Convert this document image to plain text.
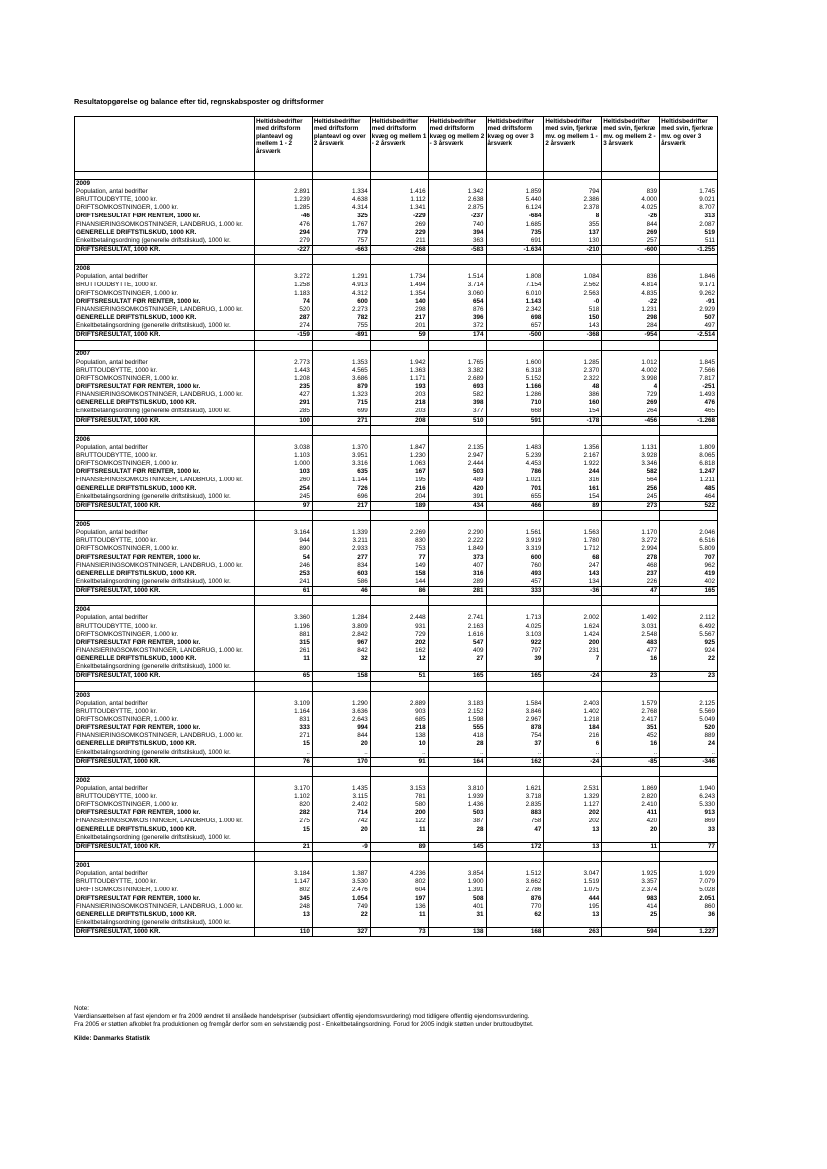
Resultatopgørelse og balance efter tid, regnskabsposter og driftsformer
	Heltidsbedrifter med driftsform planteavl og mellem 1 - 2 årsværk	Heltidsbedrifter med driftsform planteavl og over 2 årsværk	Heltidsbedrifter med driftsform kvæg og mellem 1 - 2 årsværk	Heltidsbedrifter med driftsform kvæg og mellem 2 - 3 årsværk	Heltidsbedrifter med driftsform kvæg og over 3 årsværk	Heltidsbedrifter med svin, fjerkræ mv. og mellem 1 - 2 årsværk	Heltidsbedrifter med svin, fjerkræ mv. og mellem 2 - 3 årsværk	Heltidsbedrifter med svin, fjerkræ mv. og over 3 årsværk

2009								
Population, antal bedrifter	2.891	1.334	1.416	1.342	1.859	794	839	1.745
BRUTTOUDBYTTE, 1000 kr.	1.239	4.638	1.112	2.638	5.440	2.386	4.000	9.021
DRIFTSOMKOSTNINGER, 1.000 kr.	1.285	4.314	1.341	2.875	6.124	2.378	4.025	8.707
DRIFTSRESULTAT FØR RENTER, 1000 kr.	-46	325	-229	-237	-684	8	-26	313
FINANSIERINGSOMKOSTNINGER, LANDBRUG, 1.000 kr.	476	1.767	269	740	1.685	355	844	2.087
GENERELLE DRIFTSTILSKUD, 1000 KR.	294	779	229	394	735	137	269	519
Enkeltbetalingsordning (generelle driftstilskud), 1000 kr.	279	757	211	363	691	130	257	511
DRIFTSRESULTAT, 1000 KR.	-227	-663	-268	-583	-1.634	-210	-600	-1.255

2008								
Population, antal bedrifter	3.272	1.291	1.734	1.514	1.808	1.084	836	1.846
BRUTTOUDBYTTE, 1000 kr.	1.258	4.913	1.494	3.714	7.154	2.562	4.814	9.171
DRIFTSOMKOSTNINGER, 1.000 kr.	1.183	4.312	1.354	3.060	6.010	2.563	4.835	9.262
DRIFTSRESULTAT FØR RENTER, 1000 kr.	74	600	140	654	1.143	-0	-22	-91
FINANSIERINGSOMKOSTNINGER, LANDBRUG, 1.000 kr.	520	2.273	298	876	2.342	518	1.231	2.929
GENERELLE DRIFTSTILSKUD, 1000 KR.	287	782	217	396	698	150	298	507
Enkeltbetalingsordning (generelle driftstilskud), 1000 kr.	274	755	201	372	657	143	284	497
DRIFTSRESULTAT, 1000 KR.	-159	-891	59	174	-500	-368	-954	-2.514

2007								
Population, antal bedrifter	2.773	1.353	1.942	1.765	1.600	1.285	1.012	1.845
BRUTTOUDBYTTE, 1000 kr.	1.443	4.565	1.363	3.382	6.318	2.370	4.002	7.566
DRIFTSOMKOSTNINGER, 1.000 kr.	1.208	3.686	1.171	2.689	5.152	2.322	3.998	7.817
DRIFTSRESULTAT FØR RENTER, 1000 kr.	235	879	193	693	1.166	48	4	-251
FINANSIERINGSOMKOSTNINGER, LANDBRUG, 1.000 kr.	427	1.323	203	582	1.286	386	729	1.493
GENERELLE DRIFTSTILSKUD, 1000 KR.	291	715	218	398	710	160	269	476
Enkeltbetalingsordning (generelle driftstilskud), 1000 kr.	285	699	203	377	668	154	264	465
DRIFTSRESULTAT, 1000 KR.	100	271	208	510	591	-178	-456	-1.268

2006								
Population, antal bedrifter	3.038	1.370	1.847	2.135	1.483	1.356	1.131	1.809
BRUTTOUDBYTTE, 1000 kr.	1.103	3.951	1.230	2.947	5.239	2.167	3.928	8.065
DRIFTSOMKOSTNINGER, 1.000 kr.	1.000	3.316	1.063	2.444	4.453	1.922	3.346	6.818
DRIFTSRESULTAT FØR RENTER, 1000 kr.	103	635	167	503	786	244	582	1.247
FINANSIERINGSOMKOSTNINGER, LANDBRUG, 1.000 kr.	260	1.144	195	489	1.021	316	564	1.211
GENERELLE DRIFTSTILSKUD, 1000 KR.	254	726	216	420	701	161	256	485
Enkeltbetalingsordning (generelle driftstilskud), 1000 kr.	245	696	204	391	655	154	245	464
DRIFTSRESULTAT, 1000 KR.	97	217	189	434	466	89	273	522

2005								
Population, antal bedrifter	3.164	1.339	2.269	2.290	1.561	1.563	1.170	2.046
BRUTTOUDBYTTE, 1000 kr.	944	3.211	830	2.222	3.919	1.780	3.272	6.516
DRIFTSOMKOSTNINGER, 1.000 kr.	890	2.933	753	1.849	3.319	1.712	2.994	5.809
DRIFTSRESULTAT FØR RENTER, 1000 kr.	54	277	77	373	600	68	278	707
FINANSIERINGSOMKOSTNINGER, LANDBRUG, 1.000 kr.	246	834	149	407	760	247	468	962
GENERELLE DRIFTSTILSKUD, 1000 KR.	253	603	158	316	493	143	237	419
Enkeltbetalingsordning (generelle driftstilskud), 1000 kr.	241	586	144	289	457	134	226	402
DRIFTSRESULTAT, 1000 KR.	61	46	86	281	333	-36	47	165

2004								
Population, antal bedrifter	3.360	1.284	2.448	2.741	1.713	2.002	1.492	2.112
BRUTTOUDBYTTE, 1000 kr.	1.196	3.809	931	2.163	4.025	1.624	3.031	6.492
DRIFTSOMKOSTNINGER, 1.000 kr.	881	2.842	729	1.616	3.103	1.424	2.548	5.567
DRIFTSRESULTAT FØR RENTER, 1000 kr.	315	967	202	547	922	200	483	925
FINANSIERINGSOMKOSTNINGER, LANDBRUG, 1.000 kr.	261	842	162	409	797	231	477	924
GENERELLE DRIFTSTILSKUD, 1000 KR.	11	32	12	27	39	7	16	22
Enkeltbetalingsordning (generelle driftstilskud), 1000 kr.								
DRIFTSRESULTAT, 1000 KR.	65	158	51	165	165	-24	23	23

2003								
Population, antal bedrifter	3.109	1.290	2.889	3.183	1.584	2.403	1.579	2.125
BRUTTOUDBYTTE, 1000 kr.	1.164	3.636	903	2.152	3.846	1.402	2.768	5.569
DRIFTSOMKOSTNINGER, 1.000 kr.	831	2.643	685	1.598	2.967	1.218	2.417	5.049
DRIFTSRESULTAT FØR RENTER, 1000 kr.	333	994	218	555	878	184	351	520
FINANSIERINGSOMKOSTNINGER, LANDBRUG, 1.000 kr.	271	844	138	418	754	216	452	889
GENERELLE DRIFTSTILSKUD, 1000 KR.	15	20	10	28	37	6	16	24
Enkeltbetalingsordning (generelle driftstilskud), 1000 kr.	..	..	..	..	..	..	..	..
DRIFTSRESULTAT, 1000 KR.	76	170	91	164	162	-24	-85	-346

2002								
Population, antal bedrifter	3.170	1.435	3.153	3.810	1.621	2.531	1.869	1.940
BRUTTOUDBYTTE, 1000 kr.	1.102	3.115	781	1.939	3.718	1.329	2.820	6.243
DRIFTSOMKOSTNINGER, 1.000 kr.	820	2.402	580	1.436	2.835	1.127	2.410	5.330
DRIFTSRESULTAT FØR RENTER, 1000 kr.	282	714	200	503	883	202	411	913
FINANSIERINGSOMKOSTNINGER, LANDBRUG, 1.000 kr.	275	742	122	387	758	202	420	869
GENERELLE DRIFTSTILSKUD, 1000 KR.	15	20	11	28	47	13	20	33
Enkeltbetalingsordning (generelle driftstilskud), 1000 kr.								
DRIFTSRESULTAT, 1000 KR.	21	-9	89	145	172	13	11	77

2001								
Population, antal bedrifter	3.184	1.387	4.236	3.854	1.512	3.047	1.925	1.929
BRUTTOUDBYTTE, 1000 kr.	1.147	3.530	802	1.900	3.662	1.519	3.357	7.079
DRIFTSOMKOSTNINGER, 1.000 kr.	802	2.476	604	1.391	2.786	1.075	2.374	5.028
DRIFTSRESULTAT FØR RENTER, 1000 kr.	345	1.054	197	508	876	444	983	2.051
FINANSIERINGSOMKOSTNINGER, LANDBRUG, 1.000 kr.	248	749	136	401	770	195	414	860
GENERELLE DRIFTSTILSKUD, 1000 KR.	13	22	11	31	62	13	25	36
Enkeltbetalingsordning (generelle driftstilskud), 1000 kr.								
DRIFTSRESULTAT, 1000 KR.	110	327	73	138	168	263	594	1.227
Note:
Værdiansættelsen af fast ejendom er fra 2009 ændret til anslåede handelspriser (subsidiært offentlig ejendomsvurdering) mod tidligere offentlig ejendomsvurdering.
Fra 2005 er støtten afkoblet fra produktionen og fremgår derfor som en selvstændig post - Enkeltbetalingsordning. Forud for 2005 indgik støtten under bruttoudbyttet.
Kilde: Danmarks Statistik
